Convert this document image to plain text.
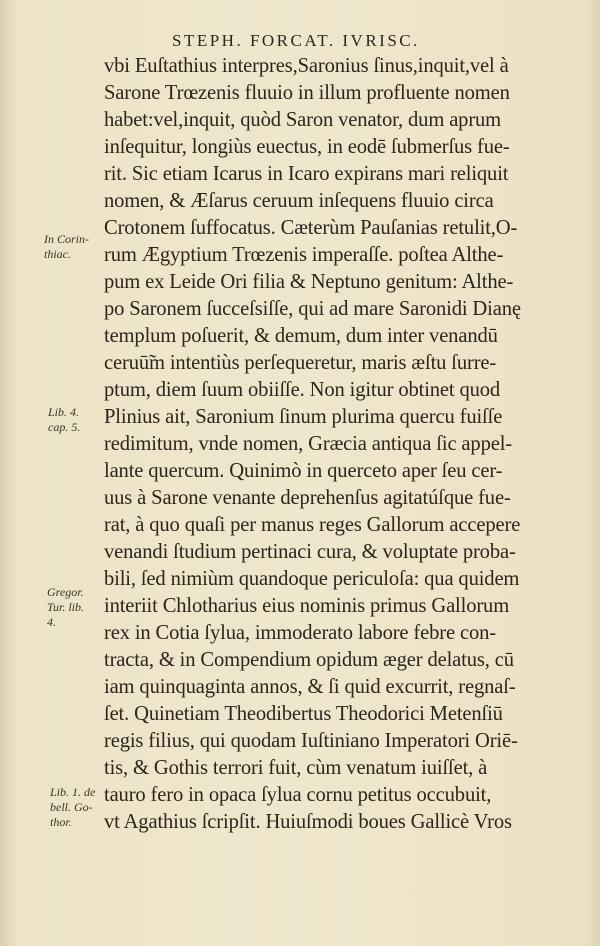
STEPH. FORCAT. IVRISC.
vbi Euſtathius interpres,Saronius ſinus,inquit,vel à
Sarone Trœzenis fluuio in illum profluente nomen
habet:vel,inquit, quòd Saron venator, dum aprum
inſequitur, longiùs euectus, in eodē ſubmerſus fue-
rit. Sic etiam Icarus in Icaro expirans mari reliquit
nomen, & Æſarus ceruum inſequens fluuio circa
Crotonem ſuffocatus. Cæterùm Pauſanias retulit,O-
rum Ægyptium Trœzenis imperaſſe. poſtea Althe-
pum ex Leide Ori filia & Neptuno genitum: Althe-
po Saronem ſucceſsiſſe, qui ad mare Saronidi Dianę
templum poſuerit, & demum, dum inter venandū
ceruū̃m intentiùs perſequeretur, maris æſtu ſurre-
ptum, diem ſuum obiiſſe. Non igitur obtinet quod
Plinius ait, Saronium ſinum plurima quercu fuiſſe
redimitum, vnde nomen, Græcia antiqua ſic appel-
lante quercum. Quinimò in querceto aper ſeu cer-
uus à Sarone venante deprehenſus agitatúſque fue-
rat, à quo quaſi per manus reges Gallorum accepere
venandi ſtudium pertinaci cura, & voluptate proba-
bili, ſed nimiùm quandoque periculoſa: qua quidem
interiit Chlotharius eius nominis primus Gallorum
rex in Cotia ſylua, immoderato labore febre con-
tracta, & in Compendium opidum æger delatus, cū
iam quinquaginta annos, & ſi quid excurrit, regnaſ-
ſet. Quinetiam Theodibertus Theodorici Metenſiū
regis filius, qui quodam Iuſtiniano Imperatori Oriē-
tis, & Gothis terrori fuit, cùm venatum iuiſſet, à
tauro fero in opaca ſylua cornu petitus occubuit,
vt Agathius ſcripſit. Huiuſmodi boues Gallicè Vros
In Corin-
thiac.
Lib. 4.
cap. 5.
Gregor.
Tur. lib.
4.
Lib. 1. de
bell. Go-
thor.
